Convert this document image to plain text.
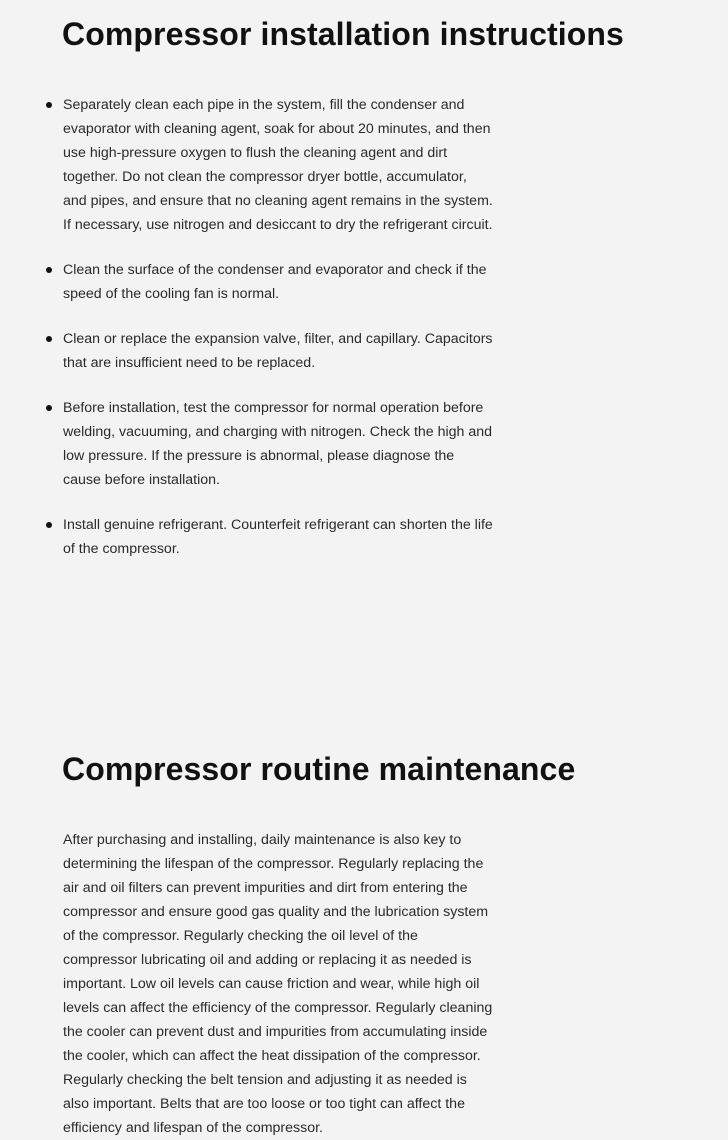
Compressor installation instructions
Separately clean each pipe in the system, fill the condenser and evaporator with cleaning agent, soak for about 20 minutes, and then use high-pressure oxygen to flush the cleaning agent and dirt together. Do not clean the compressor dryer bottle, accumulator, and pipes, and ensure that no cleaning agent remains in the system. If necessary, use nitrogen and desiccant to dry the refrigerant circuit.
Clean the surface of the condenser and evaporator and check if the speed of the cooling fan is normal.
Clean or replace the expansion valve, filter, and capillary. Capacitors that are insufficient need to be replaced.
Before installation, test the compressor for normal operation before welding, vacuuming, and charging with nitrogen. Check the high and low pressure. If the pressure is abnormal, please diagnose the cause before installation.
Install genuine refrigerant. Counterfeit refrigerant can shorten the life of the compressor.
Compressor routine maintenance

After purchasing and installing, daily maintenance is also key to determining the lifespan of the compressor. Regularly replacing the air and oil filters can prevent impurities and dirt from entering the compressor and ensure good gas quality and the lubrication system of the compressor. Regularly checking the oil level of the compressor lubricating oil and adding or replacing it as needed is important. Low oil levels can cause friction and wear, while high oil levels can affect the efficiency of the compressor. Regularly cleaning the cooler can prevent dust and impurities from accumulating inside the cooler, which can affect the heat dissipation of the compressor. Regularly checking the belt tension and adjusting it as needed is also important. Belts that are too loose or too tight can affect the efficiency and lifespan of the compressor.
